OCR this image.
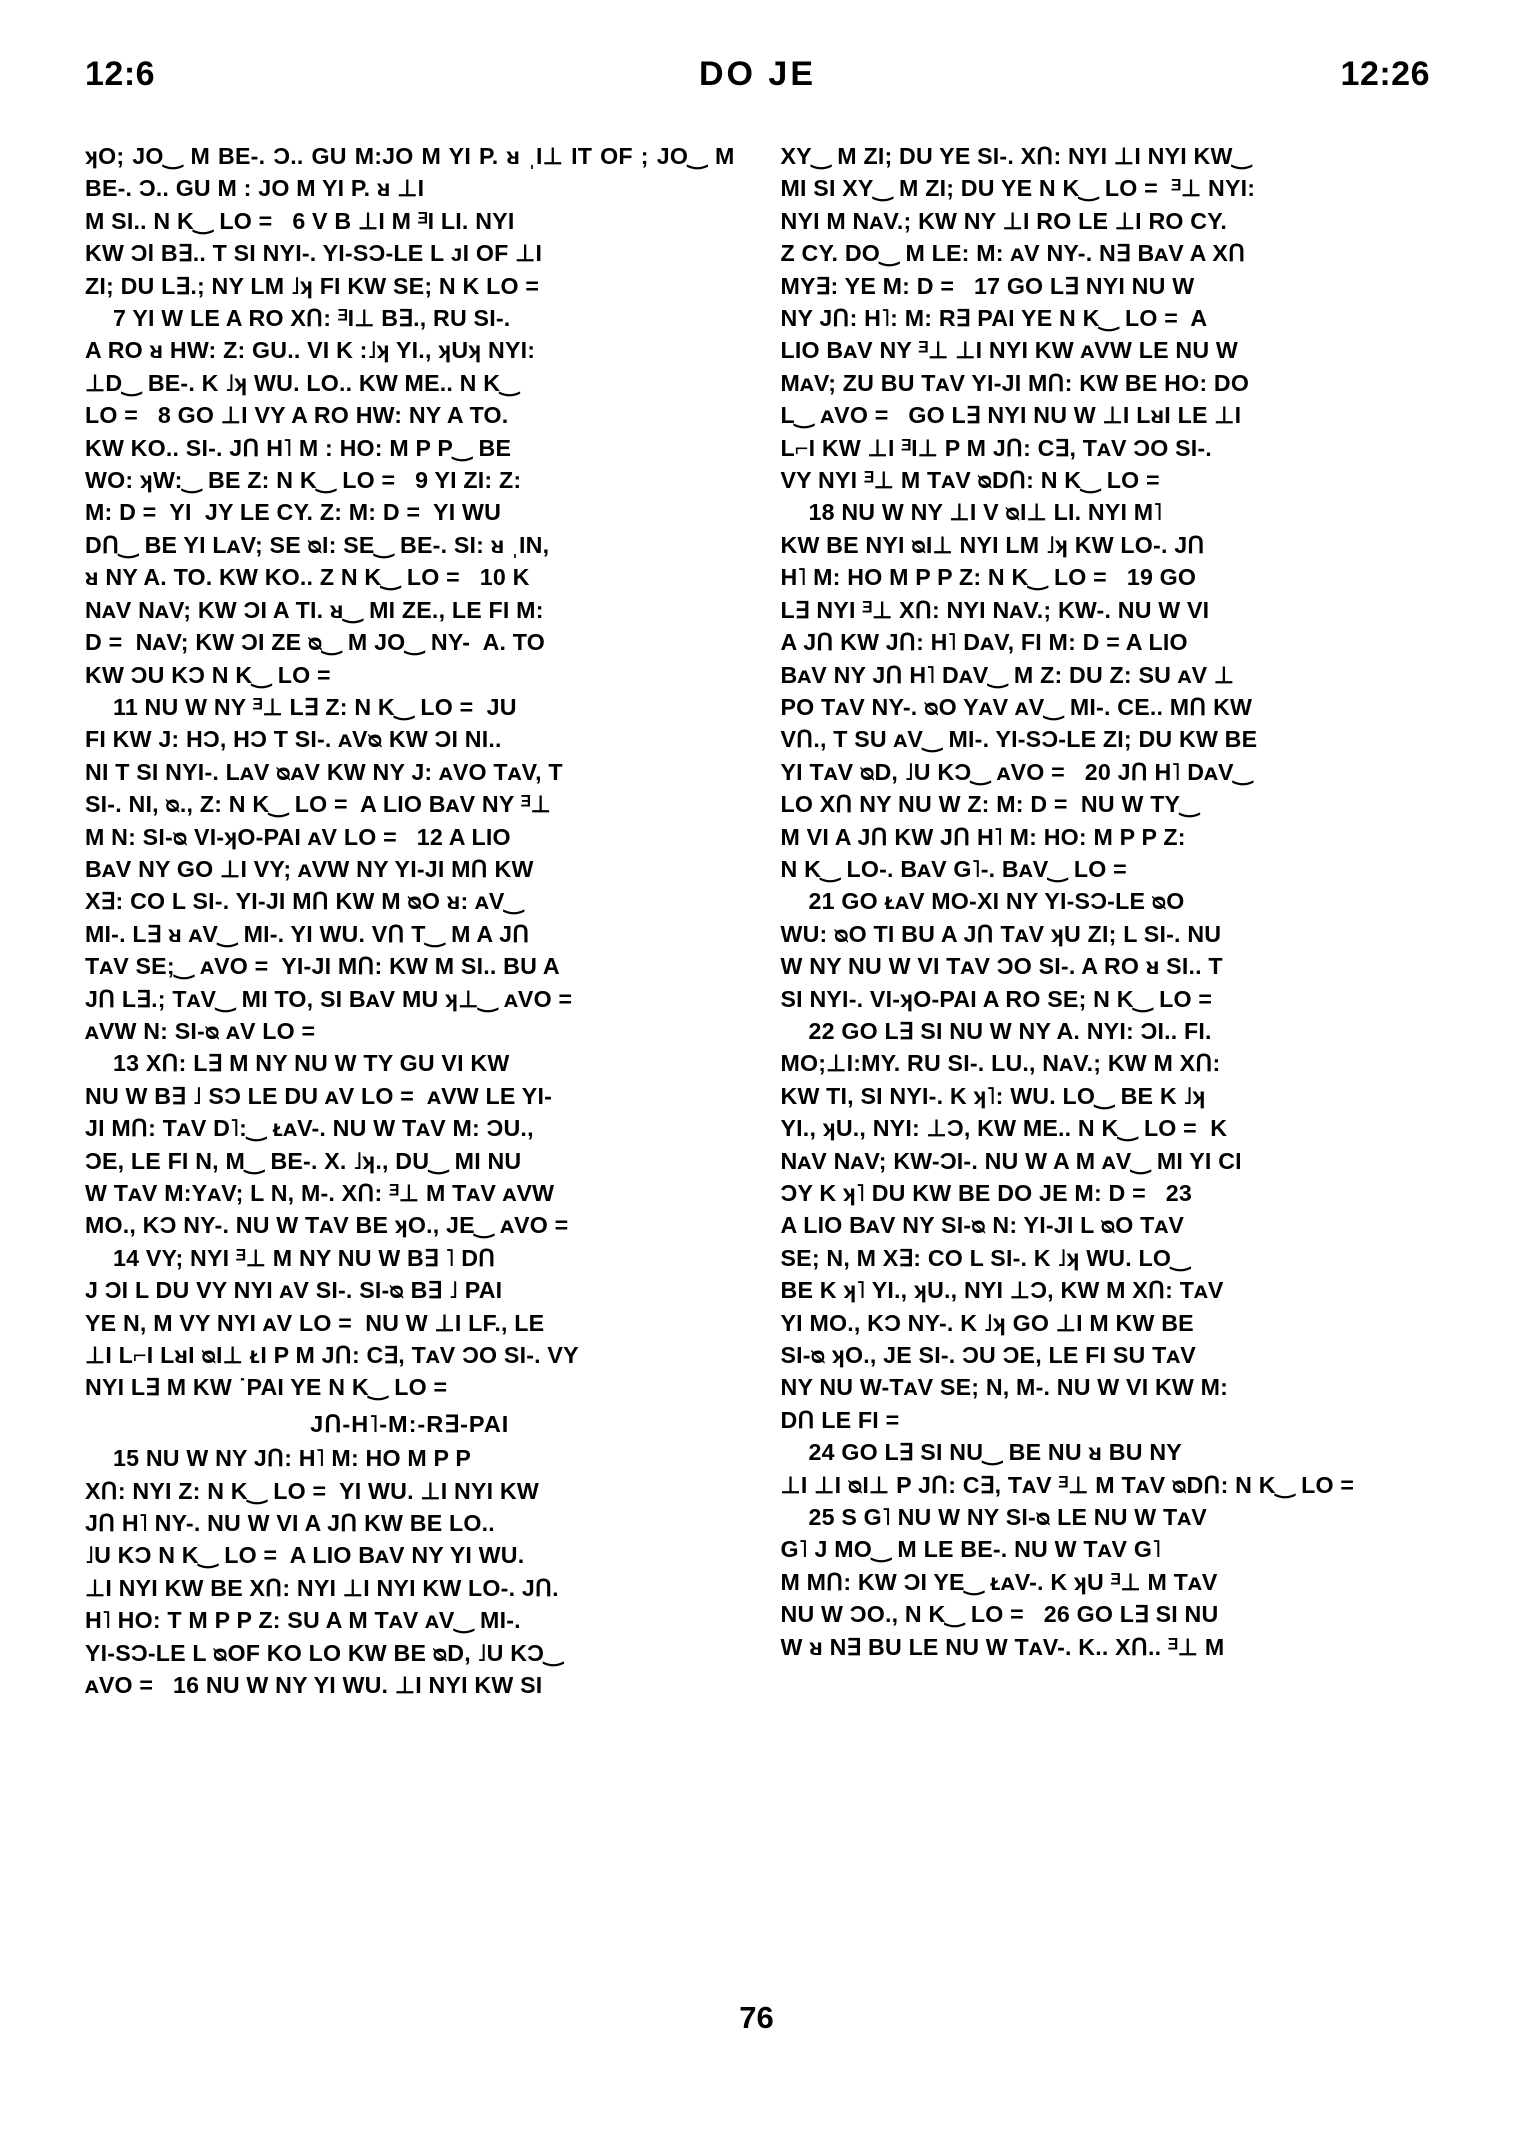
12:6	DO JE	12:26

ʞO; JO‿ M BE-. Ɔ.. GU M:JO M YI P. ᴚ ˌI⊥ IT OF ; JO‿ M BE-. Ɔ.. GU M : JO M YI P. ᴚ ⊥I

M SI.. N K‿ LO =   6 V B ⊥I M ᴲI LI. NYI

KW Ɔl B∃.. T SI NYI-. YI-SƆ-LE L ᴊI OF ⊥I

ZI; DU L∃.; NY LM ˩ʞ FI KW SE; N K LO =

7 YI W LE A RO XՈ: ᴲI⊥ B∃., RU SI-.

A RO ᴚ HW: Z: GU.. VI K :˩ʞ YI., ʞUʞ NYI:

⊥D‿ BE-. K ˩ʞ WU. LO.. KW ME.. N K‿

LO =   8 GO ⊥I VY A RO HW: NY A TO.

KW KO.. SI-. JՈ H˥ M : HO: M P P‿ BE

WO: ʞW:‿ BE Z: N K‿ LO =   9 YI ZI: Z:

M: D =  YI  JY LE CY. Z: M: D =  YI WU

DՈ‿ BE YI LᴀV; SE ᴓI: SE‿ BE-. SI: ᴚ ˌIN,

ᴚ NY A. TO. KW KO.. Z N K‿ LO =   10 K

NᴀV NᴀV; KW ƆI A TI. ᴚ‿ MI ZE., LE FI M:

D =  NᴀV; KW ƆI ZE ᴓ‿ M JO‿ NY-  A. TO

KW ƆU KƆ N K‿ LO =

11 NU W NY ᴲ⊥ L∃ Z: N K‿ LO =  JU

FI KW J: HƆ, HƆ T SI-. ᴀVᴓ KW ƆI NI..

NI T SI NYI-. LᴀV ᴓᴀV KW NY J: ᴀVO TᴀV, T

SI-. NI, ᴓ., Z: N K‿ LO =  A LIO BᴀV NY ᴲ⊥

M N: SI-ᴓ VI-ʞO-PAI ᴀV LO =   12 A LIO

BᴀV NY GO ⊥I VY; ᴀVW NY YI-JI MՈ KW

X∃: CO L SI-. YI-JI MՈ KW M ᴓO ᴚ: ᴀV‿

MI-. L∃ ᴚ ᴀV‿ MI-. YI WU. VՈ T‿ M A JՈ

TᴀV SE;‿ ᴀVO =  YI-JI MՈ: KW M SI.. BU A

JՈ L∃.; TᴀV‿ MI TO, SI BᴀV MU ʞ⊥‿ ᴀVO =

ᴀVW N: SI-ᴓ ᴀV LO =

13 XՈ: L∃ M NY NU W TY GU VI KW

NU W B∃ ˩ SƆ LE DU ᴀV LO =  ᴀVW LE YI-

JI MՈ: TᴀV D˥:‿ ᴌᴀV-. NU W TᴀV M: ƆU.,

ƆE, LE FI N, M‿ BE-. X. ˩ʞ., DU‿ MI NU

W TᴀV M:YᴀV; L N, M-. XՈ: ᴲ⊥ M TᴀV ᴀVW

MO., KƆ NY-. NU W TᴀV BE ʞO., JE‿ ᴀVO =

14 VY; NYI ᴲ⊥ M NY NU W B∃ ˥ DՈ

J ƆI L DU VY NYI ᴀV SI-. SI-ᴓ B∃ ˩ PAI

YE N, M VY NYI ᴀV LO =  NU W ⊥I LF., LE

⊥I L⌐I LᴚI ᴓI⊥ ᴌI P M JՈ: C∃, TᴀV ƆO SI-. VY

NYI L∃ M KW ˙PAI YE N K‿ LO =

JՈ-H˥-M:-R∃-PAI

15 NU W NY JՈ: H˥ M: HO M P P

XՈ: NYI Z: N K‿ LO =  YI WU. ⊥I NYI KW

JՈ H˥ NY-. NU W VI A JՈ KW BE LO..

˩U KƆ N K‿ LO =  A LIO BᴀV NY YI WU.

⊥I NYI KW BE XՈ: NYI ⊥I NYI KW LO-. JՈ.

H˥ HO: T M P P Z: SU A M TᴀV ᴀV‿ MI-.

YI-SƆ-LE L ᴓOF KO LO KW BE ᴓD, ˩U KƆ‿

ᴀVO =   16 NU W NY YI WU. ⊥I NYI KW SI

XY‿ M ZI; DU YE SI-. XՈ: NYI ⊥I NYI KW‿

MI SI XY‿ M ZI; DU YE N K‿ LO =  ᴲ⊥ NYI:

NYI M NᴀV.; KW NY ⊥I RO LE ⊥I RO CY.

Z CY. DO‿ M LE: M: ᴀV NY-. N∃ BᴀV A XՈ

MY∃: YE M: D =   17 GO L∃ NYI NU W

NY JՈ: H˥: M: R∃ PAI YE N K‿ LO =  A

LIO BᴀV NY ᴲ⊥ ⊥I NYI KW ᴀVW LE NU W

MᴀV; ZU BU TᴀV YI-JI MՈ: KW BE HO: DO

L‿ ᴀVO =   GO L∃ NYI NU W ⊥I LᴚI LE ⊥I

L⌐I KW ⊥I ᴲI⊥ P M JՈ: C∃, TᴀV ƆO SI-.

VY NYI ᴲ⊥ M TᴀV ᴓDՈ: N K‿ LO =

18 NU W NY ⊥I V ᴓI⊥ LI. NYI M˥

KW BE NYI ᴓI⊥ NYI LM ˩ʞ KW LO-. JՈ

H˥ M: HO M P P Z: N K‿ LO =   19 GO

L∃ NYI ᴲ⊥ XՈ: NYI NᴀV.; KW-. NU W VI

A JՈ KW JՈ: H˥ DᴀV, FI M: D = A LIO

BᴀV NY JՈ H˥ DᴀV‿ M Z: DU Z: SU ᴀV ⊥

PO TᴀV NY-. ᴓO YᴀV ᴀV‿ MI-. CE.. MՈ KW

VՈ., T SU ᴀV‿ MI-. YI-SƆ-LE ZI; DU KW BE

YI TᴀV ᴓD, ˩U KƆ‿ ᴀVO =   20 JՈ H˥ DᴀV‿

LO XՈ NY NU W Z: M: D =  NU W TY‿

M VI A JՈ KW JՈ H˥ M: HO: M P P Z:

N K‿ LO-. BᴀV G˥-. BᴀV‿ LO =

21 GO ᴌᴀV MO-XI NY YI-SƆ-LE ᴓO

WU: ᴓO TI BU A JՈ TᴀV ʞU ZI; L SI-. NU

W NY NU W VI TᴀV ƆO SI-. A RO ᴚ SI.. T

SI NYI-. VI-ʞO-PAI A RO SE; N K‿ LO =

22 GO L∃ SI NU W NY A. NYI: ƆI.. FI.

MO;⊥I:MY. RU SI-. LU., NᴀV.; KW M XՈ:

KW TI, SI NYI-. K ʞ˥: WU. LO‿ BE K ˩ʞ

YI., ʞU., NYI: ⊥Ɔ, KW ME.. N K‿ LO =  K

NᴀV NᴀV; KW-ƆI-. NU W A M ᴀV‿ MI YI CI

ƆY K ʞ˥ DU KW BE DO JE M: D =   23

A LIO BᴀV NY SI-ᴓ N: YI-JI L ᴓO TᴀV

SE; N, M X∃: CO L SI-. K ˩ʞ WU. LO‿

BE K ʞ˥ YI., ʞU., NYI ⊥Ɔ, KW M XՈ: TᴀV

YI MO., KƆ NY-. K ˩ʞ GO ⊥I M KW BE

SI-ᴓ ʞO., JE SI-. ƆU ƆE, LE FI SU TᴀV

NY NU W-TᴀV SE; N, M-. NU W VI KW M:

DՈ LE FI =

24 GO L∃ SI NU‿ BE NU ᴚ BU NY

⊥I ⊥I ᴓI⊥ P JՈ: C∃, TᴀV ᴲ⊥ M TᴀV ᴓDՈ: N K‿ LO =

25 S G˥ NU W NY SI-ᴓ LE NU W TᴀV

G˥ J MO‿ M LE BE-. NU W TᴀV G˥

M MՈ: KW ƆI YE‿ ᴌᴀV-. K ʞU ᴲ⊥ M TᴀV

NU W ƆO., N K‿ LO =   26 GO L∃ SI NU

W ᴚ N∃ BU LE NU W TᴀV-. K.. XՈ.. ᴲ⊥ M

76
